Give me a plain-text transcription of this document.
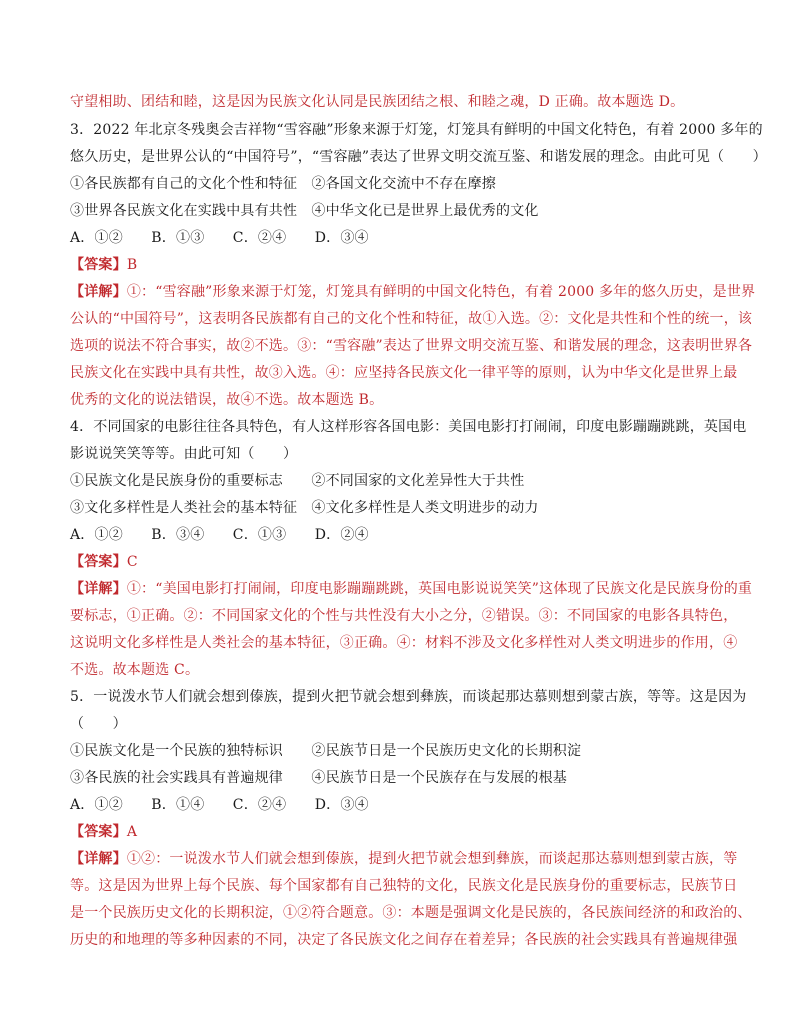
守望相助、团结和睦，这是因为民族文化认同是民族团结之根、和睦之魂，D 正确。故本题选 D。
3．2022 年北京冬残奥会吉祥物“雪容融”形象来源于灯笼，灯笼具有鲜明的中国文化特色，有着 2000 多年的
悠久历史，是世界公认的“中国符号”，“雪容融”表达了世界文明交流互鉴、和谐发展的理念。由此可见（　　）
①各民族都有自己的文化个性和特征　②各国文化交流中不存在摩擦
③世界各民族文化在实践中具有共性　④中华文化已是世界上最优秀的文化
A．①②　　B．①③　　C．②④　　D．③④
【答案】B
【详解】①：“雪容融”形象来源于灯笼，灯笼具有鲜明的中国文化特色，有着 2000 多年的悠久历史，是世界
公认的“中国符号”，这表明各民族都有自己的文化个性和特征，故①入选。②：文化是共性和个性的统一，该
选项的说法不符合事实，故②不选。③：“雪容融”表达了世界文明交流互鉴、和谐发展的理念，这表明世界各
民族文化在实践中具有共性，故③入选。④：应坚持各民族文化一律平等的原则，认为中华文化是世界上最
优秀的文化的说法错误，故④不选。故本题选 B。
4．不同国家的电影往往各具特色，有人这样形容各国电影：美国电影打打闹闹，印度电影蹦蹦跳跳，英国电
影说说笑笑等等。由此可知（　　）
①民族文化是民族身份的重要标志　　②不同国家的文化差异性大于共性
③文化多样性是人类社会的基本特征　④文化多样性是人类文明进步的动力
A．①②　　B．③④　　C．①③　　D．②④
【答案】C
【详解】①：“美国电影打打闹闹，印度电影蹦蹦跳跳，英国电影说说笑笑”这体现了民族文化是民族身份的重
要标志，①正确。②：不同国家文化的个性与共性没有大小之分，②错误。③：不同国家的电影各具特色，
这说明文化多样性是人类社会的基本特征，③正确。④：材料不涉及文化多样性对人类文明进步的作用，④
不选。故本题选 C。
5．一说泼水节人们就会想到傣族，提到火把节就会想到彝族，而谈起那达慕则想到蒙古族，等等。这是因为
（　　）
①民族文化是一个民族的独特标识　　②民族节日是一个民族历史文化的长期积淀
③各民族的社会实践具有普遍规律　　④民族节日是一个民族存在与发展的根基
A．①②　　B．①④　　C．②④　　D．③④
【答案】A
【详解】①②：一说泼水节人们就会想到傣族，提到火把节就会想到彝族，而谈起那达慕则想到蒙古族，等
等。这是因为世界上每个民族、每个国家都有自己独特的文化，民族文化是民族身份的重要标志，民族节日
是一个民族历史文化的长期积淀，①②符合题意。③：本题是强调文化是民族的，各民族间经济的和政治的、
历史的和地理的等多种因素的不同，决定了各民族文化之间存在着差异；各民族的社会实践具有普遍规律强
